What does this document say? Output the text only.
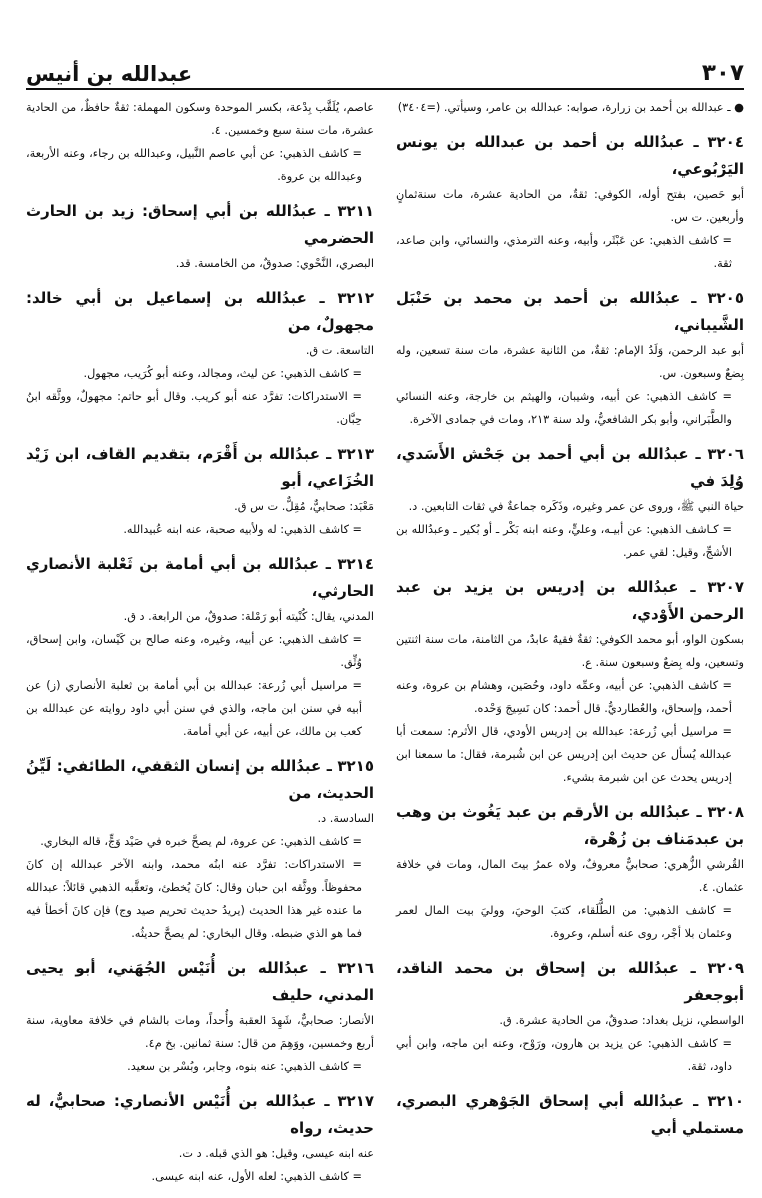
٣٠٧
عبدالله بن أنيس

● ـ عبدالله بن أحمد بن زرارة، صوابه: عبدالله بن عامر، وسيأتي. (=٣٤٠٤)

٣٢٠٤ ـ عبدُالله بن أحمد بن عبدالله بن يونس اليَرْبُوعي،

أبو حَصين، بفتح أوله، الكوفي: ثقةٌ، من الحادية عشرة، مات سنةثمانٍ وأربعين. ت س.

= كاشف الذهبي: عن عَبْثَر، وأبيه، وعنه الترمذي، والنسائي، وابن صاعد، ثقة.

٣٢٠٥ ـ عبدُالله بن أحمد بن محمد بن حَنْبَل الشَّيباني،

أبو عبد الرحمن، وَلَدُ الإمام: ثقةٌ، من الثانية عشرة، مات سنة تسعين، وله بِضعٌ وسبعون. س.

= كاشف الذهبي: عن أبيه، وشيبان، والهيثم بن خارجة، وعنه النسائي والطَّبَراني، وأبو بكر الشافعيُّ، ولد سنة ٢١٣، ومات في جمادى الآخرة.

٣٢٠٦ ـ عبدُالله بن أبي أحمد بن جَحْش الأَسَدي، وُلِدَ في

حياة النبي ﷺ، وروى عن عمر وغيره، وذَكَره جماعةٌ في ثقات التابعين. د.

= كـاشف الذهبي: عن أبيـه، وعليٍّ، وعنه ابنه بَكْر ـ أو بُكير ـ وعبدُالله بن الأشجِّ، وقيل: لقي عمر.

٣٢٠٧ ـ عبدُالله بن إدريس بن يزيد بن عبد الرحمن الأَوْدي،

بسكون الواو، أبو محمد الكوفي: ثقةٌ فقيهٌ عابدٌ، من الثامنة، مات سنة اثنتين وتسعين، وله بِضعٌ وسبعون سنة. ع.

= كاشف الذهبي: عن أبيه، وعمِّه داود، وحُصَين، وهشام بن عروة، وعنه أحمد، وإسحاق، والعُطارديُّ. قال أحمد: كان نَسِيجَ وَحْده.

= مراسيل أبي زُرعة: عبدالله بن إدريس الأودي، قال الأثرم: سمعت أبا عبدالله يُسأل عن حديث ابن إدريس عن ابن شُبرمة، فقال: ما سمعنا ابن إدريس يحدث عن ابن شبرمة بشيء.

٣٢٠٨ ـ عبدُالله بن الأرقم بن عبد يَغُوث بن وهب بن عبدمَناف بن زُهْرة،

القُرشي الزُّهري: صحابيٌّ معروفٌ، ولاه عمرُ بيتَ المال، ومات في خلافة عثمان. ٤.

= كاشف الذهبي: من الطُّلَقاء، كتبَ الوحيَ، ووليَ بيت المال لعمر وعثمان بلا أجْر، روى عنه أسلم، وعروة.

٣٢٠٩ ـ عبدُالله بن إسحاق بن محمد الناقد، أبوجعفر

الواسطي، نزيل بغداد: صدوقٌ، من الحادية عشرة. ق.

= كاشف الذهبي: عن يزيد بن هارون، ورَوْح، وعنه ابن ماجه، وابن أبي داود، ثقة.

٣٢١٠ ـ عبدُالله أبي إسحاق الجَوْهري البصري، مستملي أبي

عاصم، يُلَقَّب بِدْعة، بكسر الموحدة وسكون المهملة: ثقةٌ حافظٌ، من الحادية عشرة، مات سنة سبع وخمسين. ٤.

= كاشف الذهبي: عن أبي عاصم النَّبيل، وعبدالله بن رجاء، وعنه الأربعة، وعبدالله بن عروة.

٣٢١١ ـ عبدُالله بن أبي إسحاق: زيد بن الحارث الحضرمي

البصري، النَّحْوي: صدوقٌ، من الخامسة. قد.

٣٢١٢ ـ عبدُالله بن إسماعيل بن أبي خالد: مجهولٌ، من

التاسعة. ت ق.

= كاشف الذهبي: عن ليث، ومجالد، وعنه أبو كُرَيب، مجهول.

= الاستدراكات: تفرَّد عنه أبو كريب. وقال أبو حاتم: مجهولٌ، ووثَّقه ابنُ حِبَّان.

٣٢١٣ ـ عبدُالله بن أَقْرَم، بتقديم القاف، ابن زَيْد الخُزَاعي، أبو

مَعْبَد: صحابيٌّ، مُقِلٌّ. ت س ق.

= كاشف الذهبي: له ولأبيه صحبة، عنه ابنه عُبيدالله.

٣٢١٤ ـ عبدُالله بن أبي أمامة بن ثَعْلبة الأنصاري الحارثي،

المدني، يقال: كُنْيته أبو رَمْلة: صدوقٌ، من الرابعة. د ق.

= كاشف الذهبي: عن أبيه، وغيره، وعنه صالح بن كَيْسان، وابن إسحاق، وُثِّق.

= مراسيل أبي زُرعة: عبدالله بن أبي أمامة بن ثعلبة الأنصاري (ز) عن أبيه في سنن ابن ماجه، والذي في سنن أبي داود روايته عن عبدالله بن كعب بن مالك، عن أبيه، عن أبي أمامة.

٣٢١٥ ـ عبدُالله بن إنسان الثقفي، الطائفي: لَيِّنُ الحديث، من

السادسة. د.

= كاشف الذهبي: عن عروة، لم يصحَّ خبره في صَيْد وَجٍّ، قاله البخاري.

= الاستدراكات: تفرَّد عنه ابنُه محمد، وابنه الآخر عبدالله إن كانَ محفوظاً. ووثَّقه ابن حبان وقال: كانَ يُخطئ، وتعقَّبه الذهبي قائلاً: عبدالله ما عنده غير هذا الحديث (يريدُ حديث تحريم صيد وج) فإن كانَ أخطأ فيه فما هو الذي ضبطه. وقال البخاري: لم يصحَّ حديثُه.

٣٢١٦ ـ عبدُالله بن أُنَيْس الجُهَني، أبو يحيى المدني، حليف

الأنصار: صحابيٌّ، شَهِدَ العقبة وأُحداً، ومات بالشام في خلافة معاوية، سنة أربع وخمسين، ووَهِمَ من قال: سنة ثمانين. بخ م٤.

= كاشف الذهبي: عنه بنوه، وجابر، وبُسْر بن سعيد.

٣٢١٧ ـ عبدُالله بن أُنَيْس الأنصاري: صحابيٌّ، له حديث، رواه

عنه ابنه عيسى، وقيل: هو الذي قبله. د ت.

= كاشف الذهبي: لعله الأول، عنه ابنه عيسى.
